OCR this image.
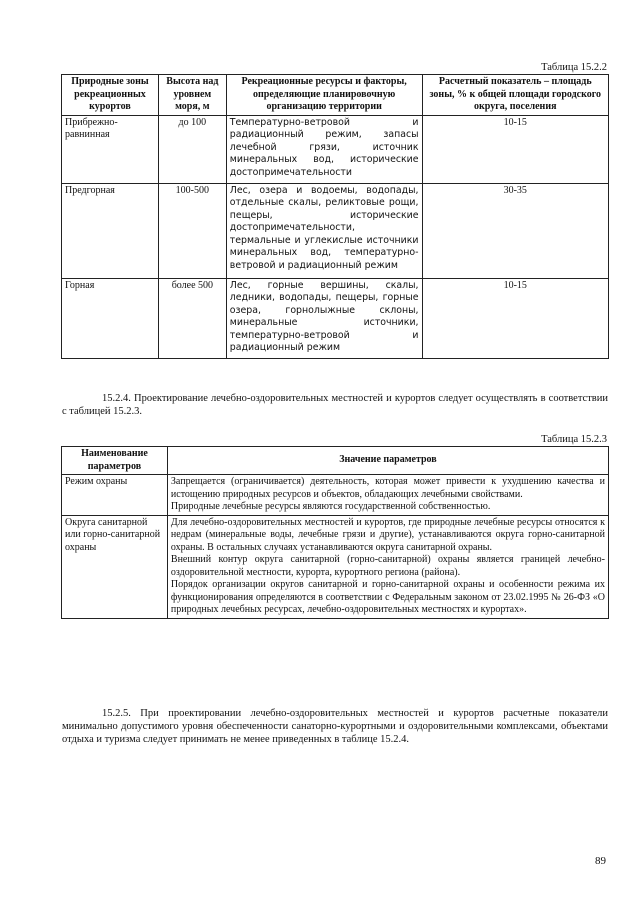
Таблица 15.2.2
Природные зоны рекреационных курортов	Высота над уровнем моря, м	Рекреационные ресурсы и факторы, определяющие планировочную организацию территории	Расчетный показатель – площадь зоны, % к общей площади городского округа, поселения
Прибрежно-равнинная	до 100	Температурно-ветровой и радиационный режим, запасы лечебной грязи, источник минеральных вод, исторические достопримечательности	10-15
Предгорная	100-500	Лес, озера и водоемы, водопады, отдельные скалы, реликтовые рощи, пещеры, исторические достопримечательности, термальные и углекислые источники минеральных вод, температурно-ветровой и радиационный режим	30-35
Горная	более 500	Лес, горные вершины, скалы, ледники, водопады, пещеры, горные озера, горнолыжные склоны, минеральные источники, температурно-ветровой и радиационный режим	10-15

15.2.4. Проектирование лечебно-оздоровительных местностей и курортов следует осуществлять в соответствии с таблицей 15.2.3.

Таблица 15.2.3
Наименование параметров	Значение параметров
Режим охраны	Запрещается (ограничивается) деятельность, которая может привести к ухудшению качества и истощению природных ресурсов и объектов, обладающих лечебными свойствами.

Природные лечебные ресурсы являются государственной собственностью.

Округа санитарной или горно-санитарной охраны	Для лечебно-оздоровительных местностей и курортов, где природные лечебные ресурсы относятся к недрам (минеральные воды, лечебные грязи и другие), устанавливаются округа горно-санитарной охраны. В остальных случаях устанавливаются округа санитарной охраны.

Внешний контур округа санитарной (горно-санитарной) охраны является границей лечебно-оздоровительной местности, курорта, курортного региона (района).

Порядок организации округов санитарной и горно-санитарной охраны и особенности режима их функционирования определяются в соответствии с Федеральным законом от 23.02.1995 № 26-ФЗ «О природных лечебных ресурсах, лечебно-оздоровительных местностях и курортах».

15.2.5. При проектировании лечебно-оздоровительных местностей и курортов расчетные показатели минимально допустимого уровня обеспеченности санаторно-курортными и оздоровительными комплексами, объектами отдыха и туризма следует принимать не менее приведенных в таблице 15.2.4.

89
